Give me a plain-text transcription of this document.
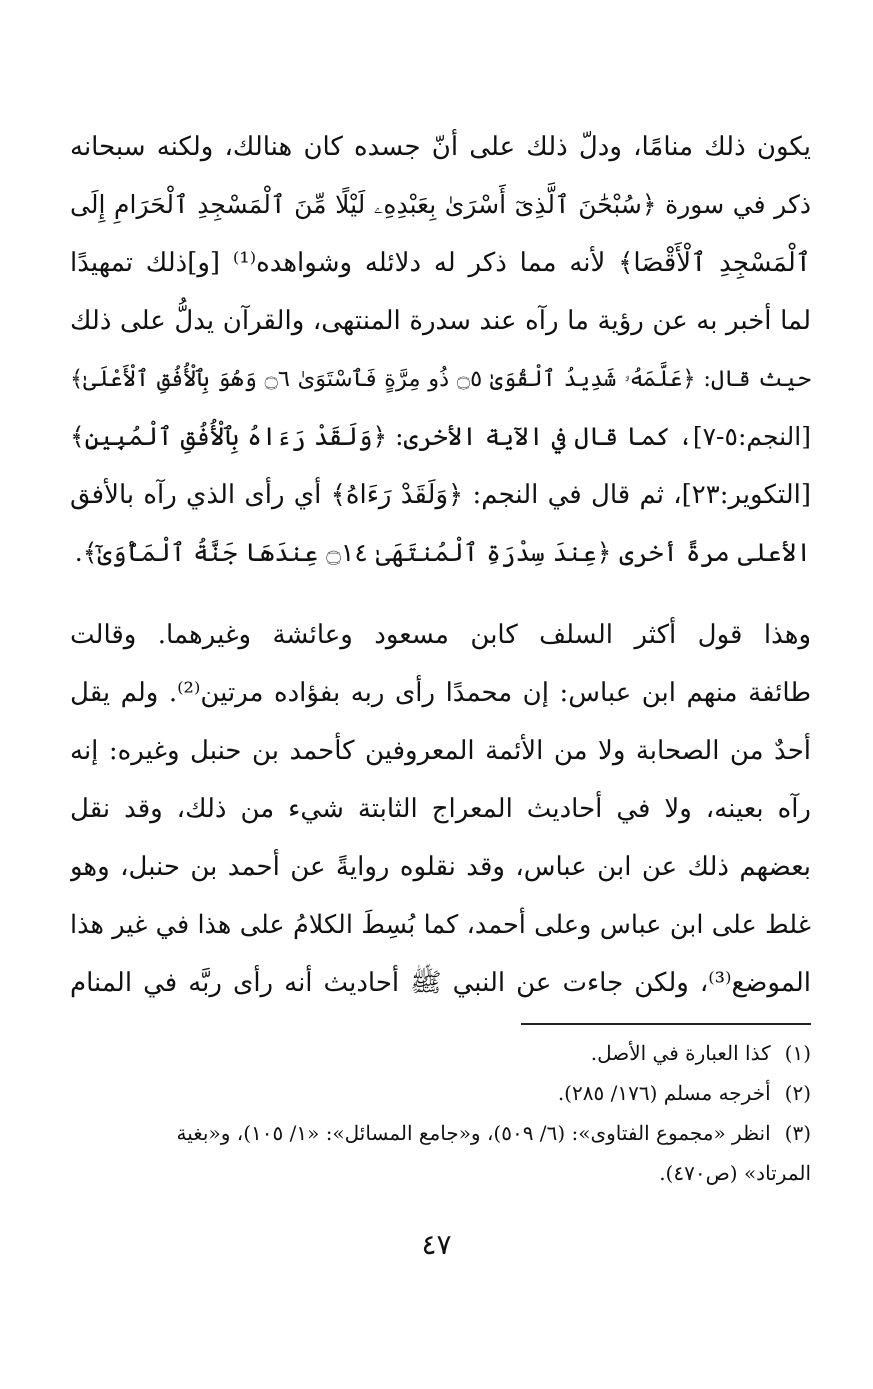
يكون ذلك منامًا، ودلّ ذلك على أنّ جسده كان هنالك، ولكنه سبحانه
ذكر في سورة ﴿سُبْحَٰنَ ٱلَّذِىٓ أَسْرَىٰ بِعَبْدِهِۦ لَيْلًا مِّنَ ٱلْمَسْجِدِ ٱلْحَرَامِ إِلَى
ٱلْمَسْجِدِ ٱلْأَقْصَا﴾ لأنه مما ذكر له دلائله وشواهده⁽¹⁾ [و]ذلك تمهيدًا
لما أخبر به عن رؤية ما رآه عند سدرة المنتهى، والقرآن يدلُّ على ذلك
حيث قال: ﴿عَلَّمَهُۥ شَدِيدُ ٱلْقُوَىٰ ۝٥ ذُو مِرَّةٍ فَٱسْتَوَىٰ ۝٦ وَهُوَ بِٱلْأُفُقِ ٱلْأَعْلَىٰ﴾
[النجم:٥-٧]، كما قال في الآية الأخرى: ﴿وَلَقَدْ رَءَاهُ بِٱلْأُفُقِ ٱلْمُبِينِ﴾
[التكوير:٢٣]، ثم قال في النجم: ﴿وَلَقَدْ رَءَاهُ﴾ أي رأى الذي رآه بالأفق
الأعلى مرةً أخرى ﴿عِندَ سِدْرَةِ ٱلْمُنتَهَىٰ ۝١٤ عِندَهَا جَنَّةُ ٱلْمَأْوَىٰٓ﴾.
وهذا قول أكثر السلف كابن مسعود وعائشة وغيرهما. وقالت
طائفة منهم ابن عباس: إن محمدًا رأى ربه بفؤاده مرتين⁽²⁾. ولم يقل
أحدٌ من الصحابة ولا من الأئمة المعروفين كأحمد بن حنبل وغيره: إنه
رآه بعينه، ولا في أحاديث المعراج الثابتة شيء من ذلك، وقد نقل
بعضهم ذلك عن ابن عباس، وقد نقلوه روايةً عن أحمد بن حنبل، وهو
غلط على ابن عباس وعلى أحمد، كما بُسِطَ الكلامُ على هذا في غير هذا
الموضع⁽³⁾، ولكن جاءت عن النبي ﷺ أحاديث أنه رأى ربَّه في المنام
(١)كذا العبارة في الأصل.
(٢)أخرجه مسلم (١٧٦/ ٢٨٥).
(٣)انظر «مجموع الفتاوى»: (٦/ ٥٠٩)، و«جامع المسائل»: «١/ ١٠٥)، و«بغية
المرتاد» (ص٤٧٠).
٤٧
